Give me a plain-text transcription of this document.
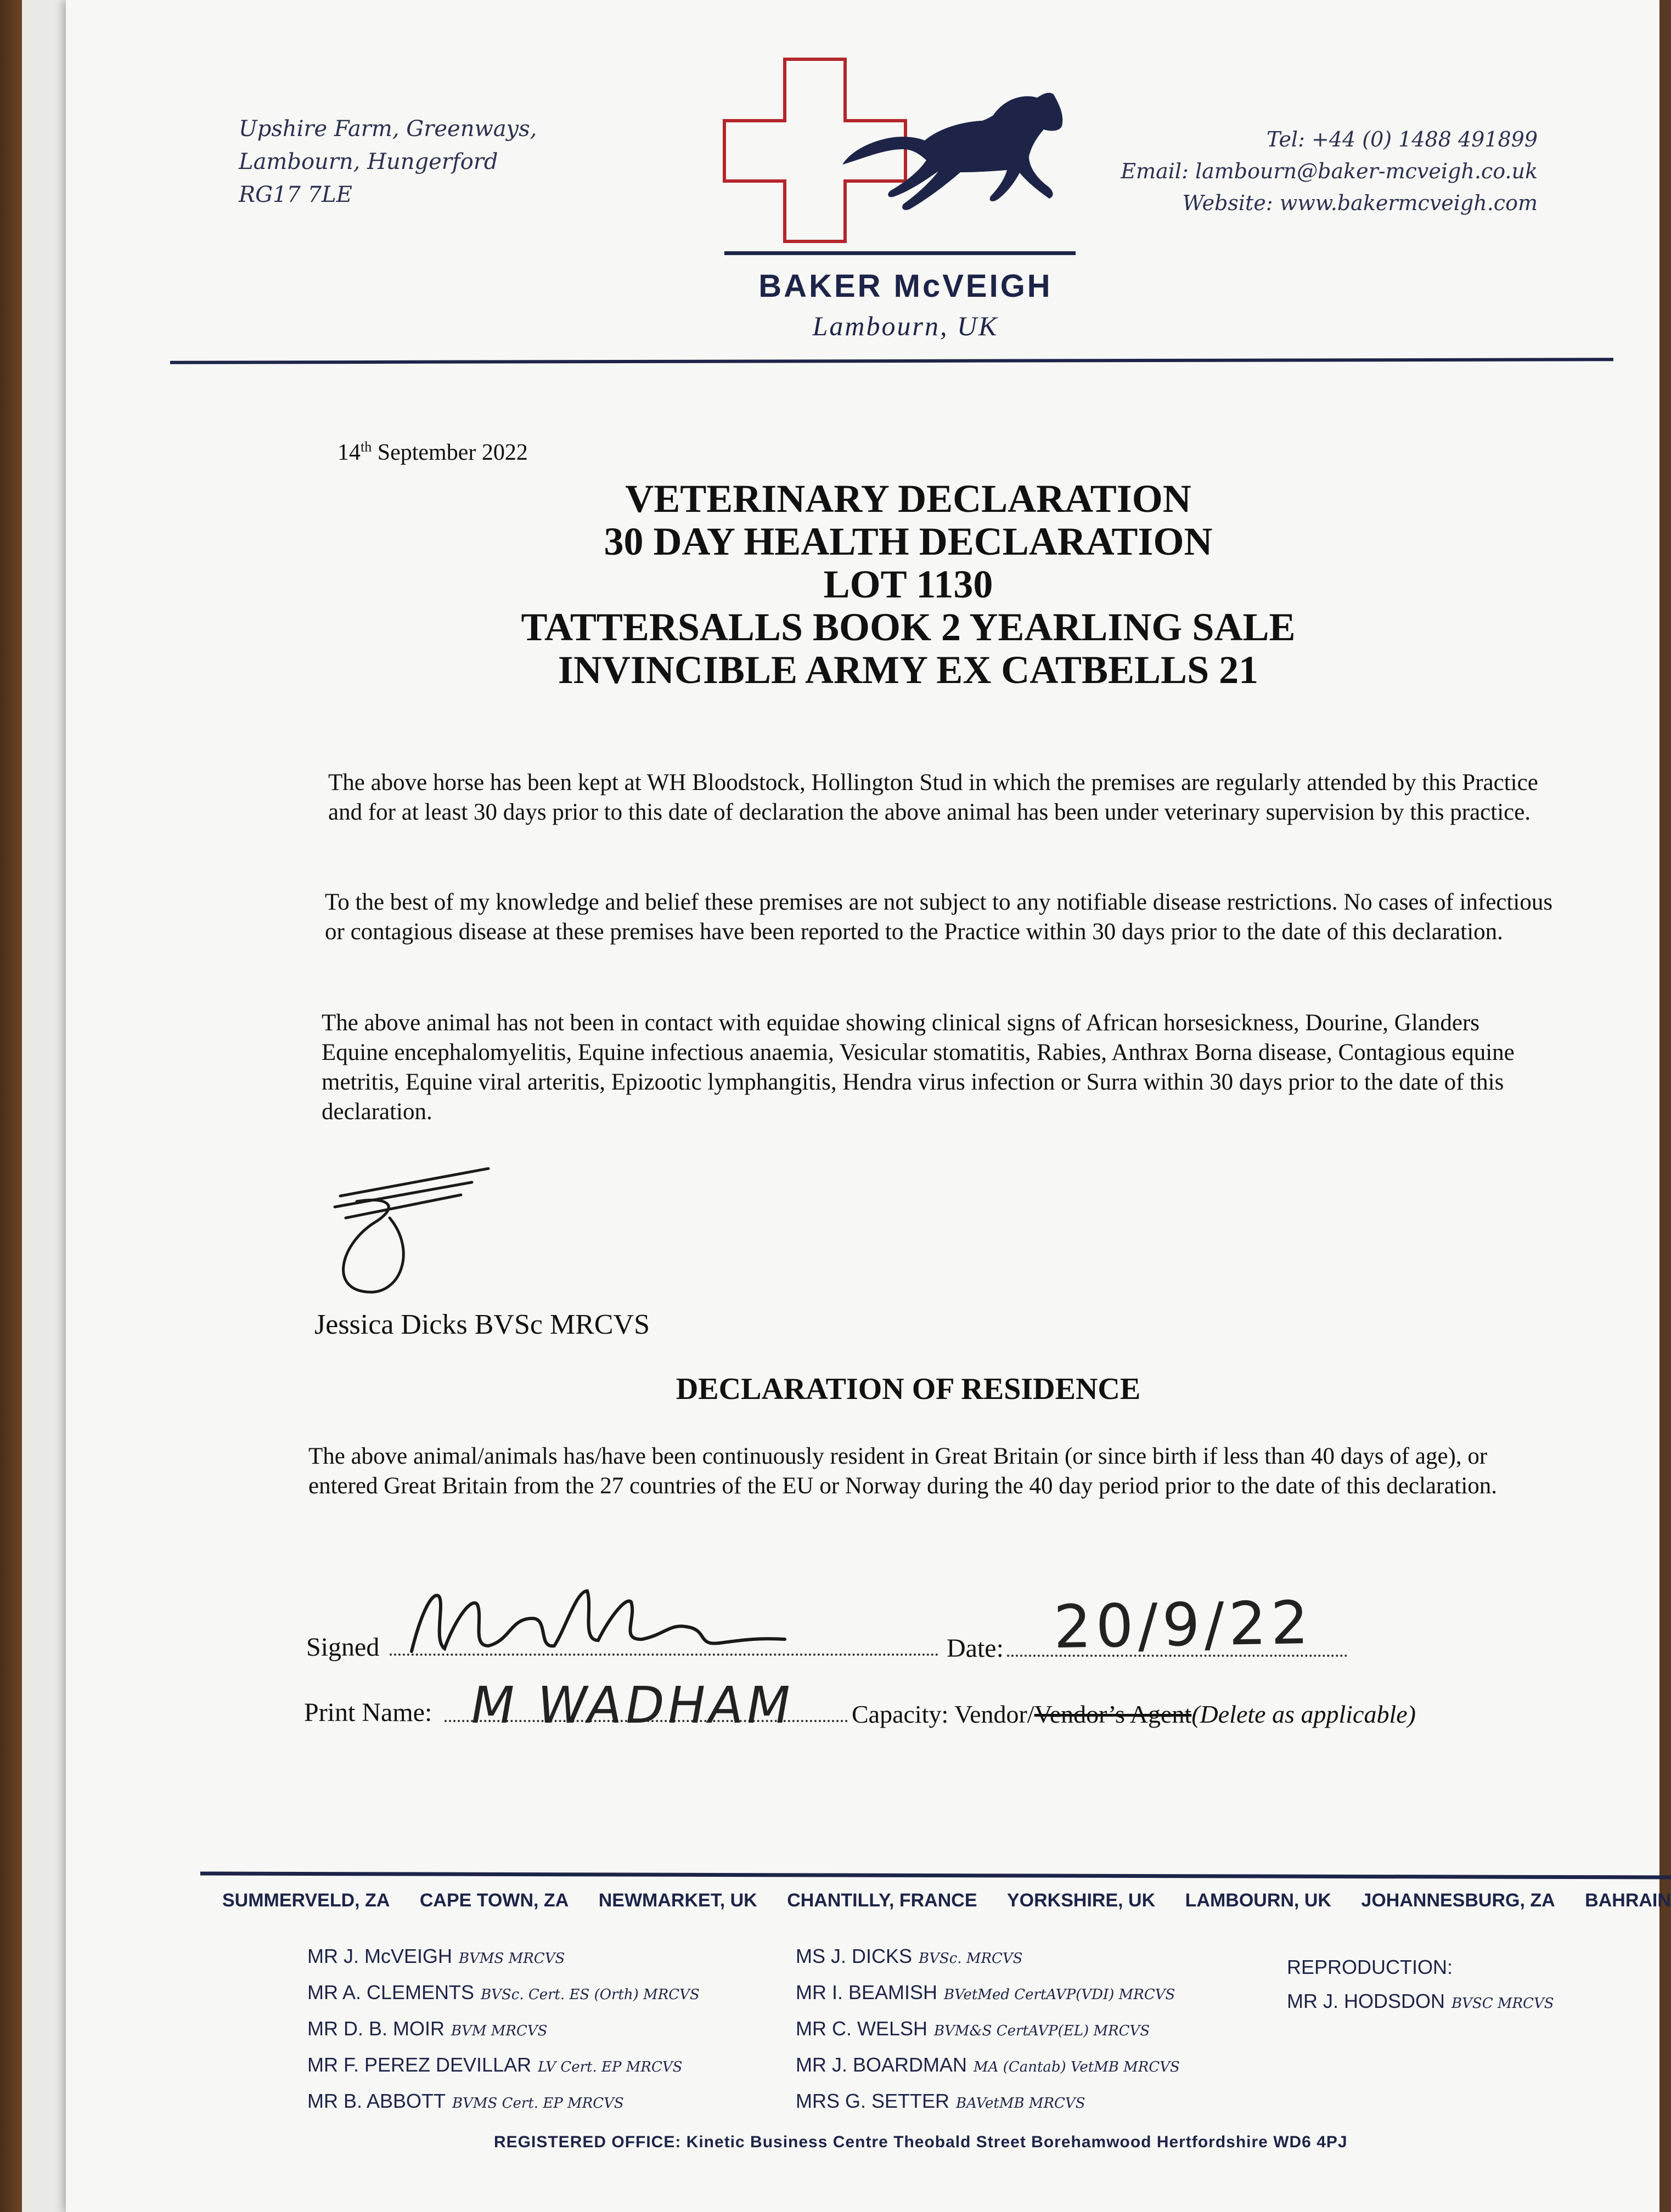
Upshire Farm, Greenways,
Lambourn, Hungerford
RG17 7LE
BAKER McVEIGH
Lambourn, UK
Tel: +44 (0) 1488 491899
Email: lambourn@baker-mcveigh.co.uk
Website: www.bakermcveigh.com
14th September 2022
VETERINARY DECLARATION
30 DAY HEALTH DECLARATION
LOT 1130
TATTERSALLS BOOK 2 YEARLING SALE
INVINCIBLE ARMY EX CATBELLS 21
The above horse has been kept at WH Bloodstock, Hollington Stud in which the premises are regularly attended by this Practice and for at least 30 days prior to this date of declaration the above animal has been under veterinary supervision by this practice.
To the best of my knowledge and belief these premises are not subject to any notifiable disease restrictions. No cases of infectious or contagious disease at these premises have been reported to the Practice within 30 days prior to the date of this declaration.
The above animal has not been in contact with equidae showing clinical signs of African horsesickness, Dourine, Glanders Equine encephalomyelitis, Equine infectious anaemia, Vesicular stomatitis, Rabies, Anthrax Borna disease, Contagious equine metritis, Equine viral arteritis, Epizootic lymphangitis, Hendra virus infection or Surra within 30 days prior to the date of this declaration.
Jessica Dicks BVSc MRCVS
DECLARATION OF RESIDENCE
The above animal/animals has/have been continuously resident in Great Britain (or since birth if less than 40 days of age), or entered Great Britain from the 27 countries of the EU or Norway during the 40 day period prior to the date of this declaration.
Signed	Date: 20/9/22
Print Name: M WADHAM Capacity: Vendor/Vendor’s Agent(Delete as applicable)
SUMMERVELD, ZA CAPE TOWN, ZA NEWMARKET, UK CHANTILLY, FRANCE YORKSHIRE, UK LAMBOURN, UK JOHANNESBURG, ZA BAHRAIN
MR J. McVEIGH BVMS MRCVS
MR A. CLEMENTS BVSc. Cert. ES (Orth) MRCVS
MR D. B. MOIR BVM MRCVS
MR F. PEREZ DEVILLAR LV Cert. EP MRCVS
MR B. ABBOTT BVMS Cert. EP MRCVS
MS J. DICKS BVSc. MRCVS
MR I. BEAMISH BVetMed CertAVP(VDI) MRCVS
MR C. WELSH BVM&S CertAVP(EL) MRCVS
MR J. BOARDMAN MA (Cantab) VetMB MRCVS
MRS G. SETTER BAVetMB MRCVS
REPRODUCTION:
MR J. HODSDON BVSC MRCVS
REGISTERED OFFICE: Kinetic Business Centre Theobald Street Borehamwood Hertfordshire WD6 4PJ
